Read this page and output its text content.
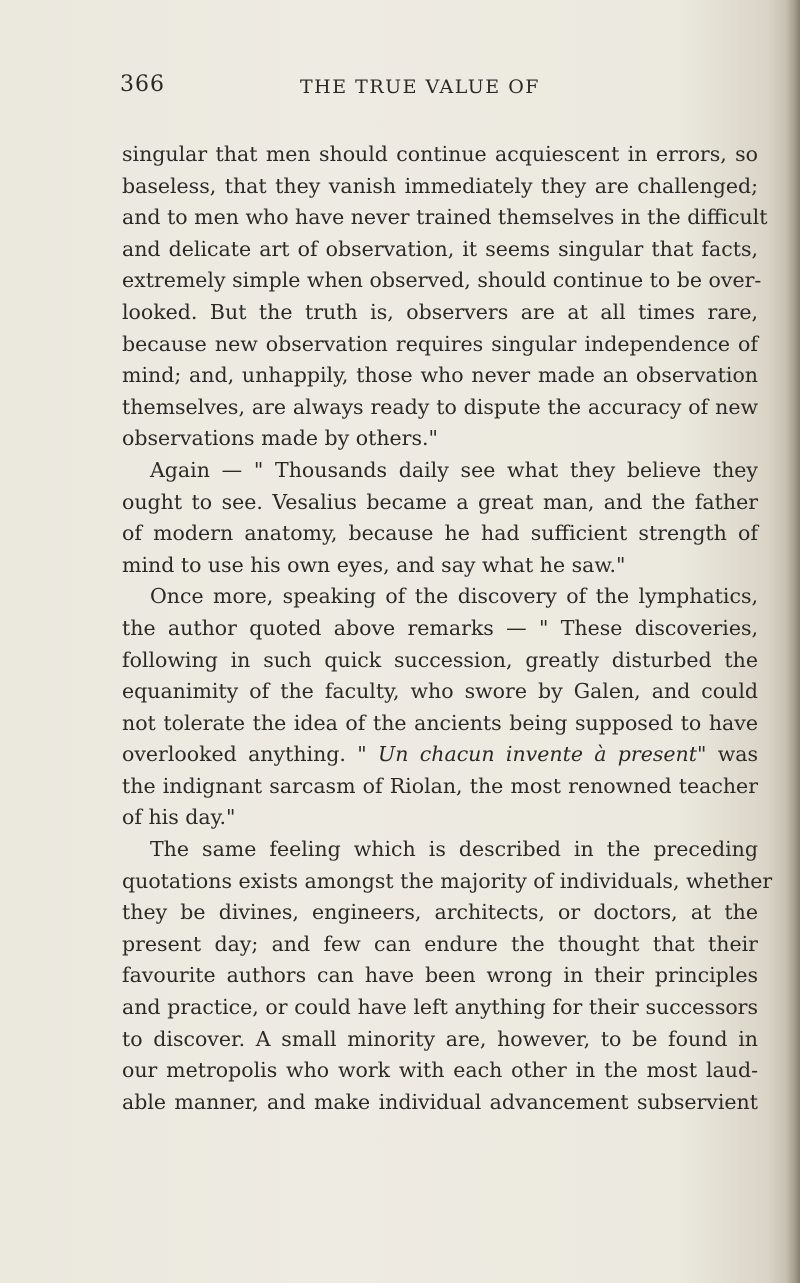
366	THE TRUE VALUE OF
singular that men should continue acquiescent in errors, so
baseless, that they vanish immediately they are challenged;
and to men who have never trained themselves in the difficult
and delicate art of observation, it seems singular that facts,
extremely simple when observed, should continue to be over-
looked. But the truth is, observers are at all times rare,
because new observation requires singular independence of
mind; and, unhappily, those who never made an observation
themselves, are always ready to dispute the accuracy of new
observations made by others."
Again — " Thousands daily see what they believe they
ought to see. Vesalius became a great man, and the father
of modern anatomy, because he had sufficient strength of
mind to use his own eyes, and say what he saw."
Once more, speaking of the discovery of the lymphatics,
the author quoted above remarks — " These discoveries,
following in such quick succession, greatly disturbed the
equanimity of the faculty, who swore by Galen, and could
not tolerate the idea of the ancients being supposed to have
overlooked anything. " Un chacun invente à present" was
the indignant sarcasm of Riolan, the most renowned teacher
of his day."
The same feeling which is described in the preceding
quotations exists amongst the majority of individuals, whether
they be divines, engineers, architects, or doctors, at the
present day; and few can endure the thought that their
favourite authors can have been wrong in their principles
and practice, or could have left anything for their successors
to discover. A small minority are, however, to be found in
our metropolis who work with each other in the most laud-
able manner, and make individual advancement subservient
